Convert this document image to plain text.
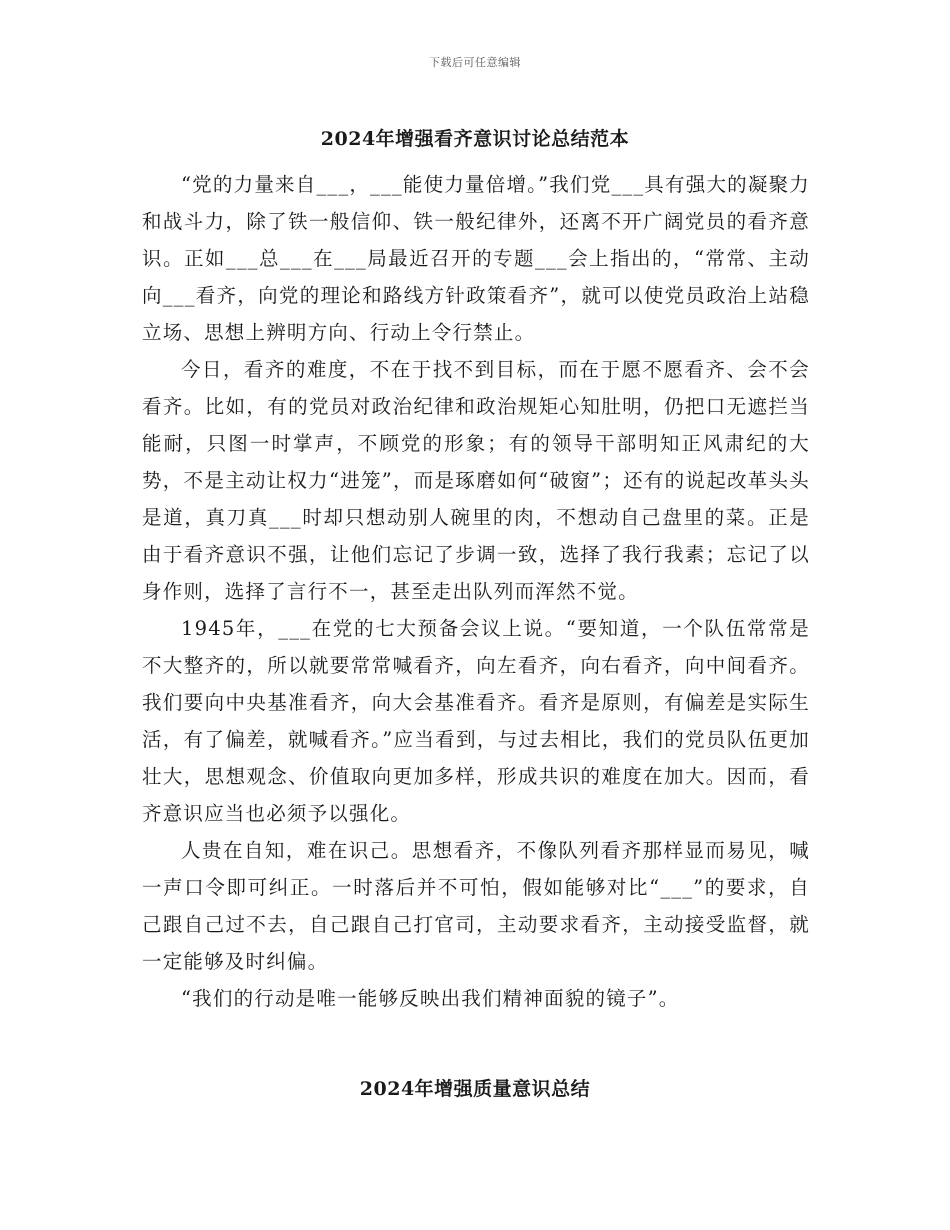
下载后可任意编辑
2024年增强看齐意识讨论总结范本

“党的力量来自___，___能使力量倍增。”我们党___具有强大的凝聚力和战斗力，除了铁一般信仰、铁一般纪律外，还离不开广阔党员的看齐意识。正如___总___在___局最近召开的专题___会上指出的，“常常、主动向___看齐，向党的理论和路线方针政策看齐”，就可以使党员政治上站稳立场、思想上辨明方向、行动上令行禁止。

今日，看齐的难度，不在于找不到目标，而在于愿不愿看齐、会不会看齐。比如，有的党员对政治纪律和政治规矩心知肚明，仍把口无遮拦当能耐，只图一时掌声，不顾党的形象；有的领导干部明知正风肃纪的大势，不是主动让权力“进笼”，而是琢磨如何“破窗”；还有的说起改革头头是道，真刀真___时却只想动别人碗里的肉，不想动自己盘里的菜。正是由于看齐意识不强，让他们忘记了步调一致，选择了我行我素；忘记了以身作则，选择了言行不一，甚至走出队列而浑然不觉。

1945年，___在党的七大预备会议上说。“要知道，一个队伍常常是不大整齐的，所以就要常常喊看齐，向左看齐，向右看齐，向中间看齐。我们要向中央基准看齐，向大会基准看齐。看齐是原则，有偏差是实际生活，有了偏差，就喊看齐。”应当看到，与过去相比，我们的党员队伍更加壮大，思想观念、价值取向更加多样，形成共识的难度在加大。因而，看齐意识应当也必须予以强化。

人贵在自知，难在识己。思想看齐，不像队列看齐那样显而易见，喊一声口令即可纠正。一时落后并不可怕，假如能够对比“___”的要求，自己跟自己过不去，自己跟自己打官司，主动要求看齐，主动接受监督，就一定能够及时纠偏。

“我们的行动是唯一能够反映出我们精神面貌的镜子”。

2024年增强质量意识总结
